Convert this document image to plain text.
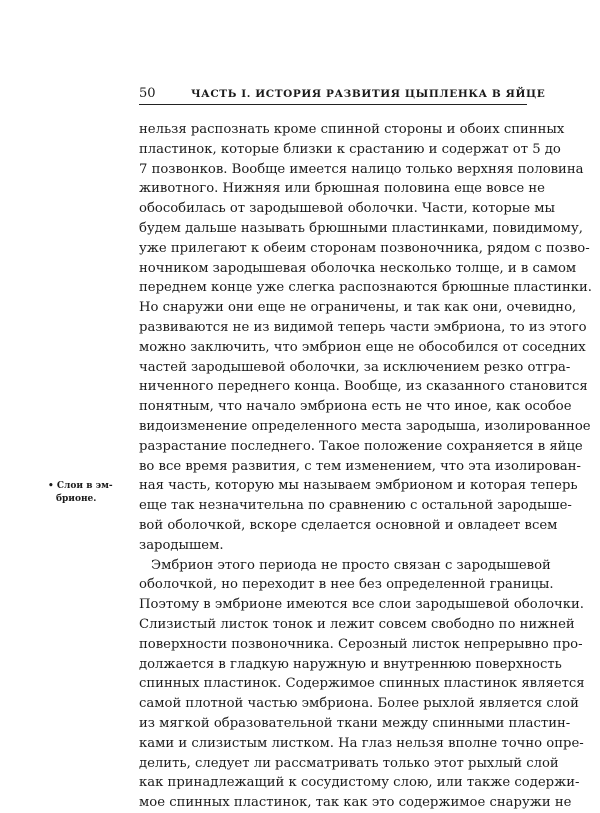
50	ЧАСТЬ I. ИСТОРИЯ РАЗВИТИЯ ЦЫПЛЕНКА В ЯЙЦЕ
• Слои в эм-
брионе.
нельзя распознать кроме спинной стороны и обоих спинных
пластинок, которые близки к срастанию и содержат от 5 до
7 позвонков. Вообще имеется налицо только верхняя половина
животного. Нижняя или брюшная половина еще вовсе не
обособилась от зародышевой оболочки. Части, которые мы
будем дальше называть брюшными пластинками, повидимому,
уже прилегают к обеим сторонам позвоночника, рядом с позво-
ночником зародышевая оболочка несколько толще, и в самом
переднем конце уже слегка распознаются брюшные пластинки.
Но снаружи они еще не ограничены, и так как они, очевидно,
развиваются не из видимой теперь части эмбриона, то из этого
можно заключить, что эмбрион еще не обособился от соседних
частей зародышевой оболочки, за исключением резко отгра-
ниченного переднего конца. Вообще, из сказанного становится
понятным, что начало эмбриона есть не что иное, как особое
видоизменение определенного места зародыша, изолированное
разрастание последнего. Такое положение сохраняется в яйце
во все время развития, с тем изменением, что эта изолирован-
ная часть, которую мы называем эмбрионом и которая теперь
еще так незначительна по сравнению с остальной зародыше-
вой оболочкой, вскоре сделается основной и овладеет всем
зародышем.
Эмбрион этого периода не просто связан с зародышевой
оболочкой, но переходит в нее без определенной границы.
Поэтому в эмбрионе имеются все слои зародышевой оболочки.
Слизистый листок тонок и лежит совсем свободно по нижней
поверхности позвоночника. Серозный листок непрерывно про-
должается в гладкую наружную и внутреннюю поверхность
спинных пластинок. Содержимое спинных пластинок является
самой плотной частью эмбриона. Более рыхлой является слой
из мягкой образовательной ткани между спинными пластин-
ками и слизистым листком. На глаз нельзя вполне точно опре-
делить, следует ли рассматривать только этот рыхлый слой
как принадлежащий к сосудистому слою, или также содержи-
мое спинных пластинок, так как это содержимое снаружи не
